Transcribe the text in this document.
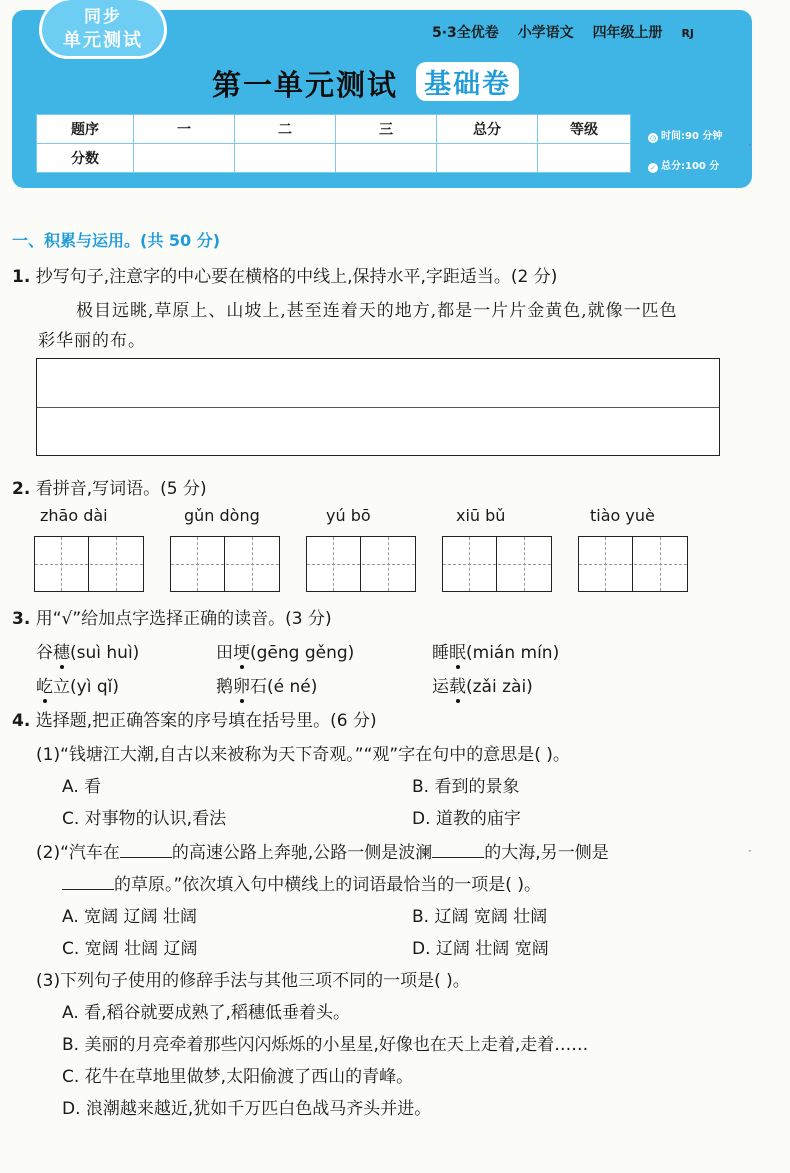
5·3全优卷 小学语文 四年级上册 RJ
第一单元测试 基础卷
题序	一	二	三	总分	等级
分数					
◷ 时间:90 分钟
✓ 总分:100 分
同步
单元测试
一、积累与运用。(共 50 分)
1. 抄写句子,注意字的中心要在横格的中线上,保持水平,字距适当。(2 分)
极目远眺,草原上、山坡上,甚至连着天的地方,都是一片片金黄色,就像一匹色
彩华丽的布。
2. 看拼音,写词语。(5 分)
zhāo dài	gǔn dòng	yú bō	xiū bǔ	tiào yuè
3. 用“√”给加点字选择正确的读音。(3 分)
谷穗(suì huì)	田埂(gēng gěng)	睡眠(mián mín)
屹立(yì qǐ)	鹅卵石(é né)	运载(zǎi zài)
4. 选择题,把正确答案的序号填在括号里。(6 分)
(1)“钱塘江大潮,自古以来被称为天下奇观。”“观”字在句中的意思是( )。
A. 看	B. 看到的景象
C. 对事物的认识,看法	D. 道教的庙宇
(2)“汽车在	的高速公路上奔驰,公路一侧是波澜	的大海,另一侧是
的草原。”依次填入句中横线上的词语最恰当的一项是( )。
A. 宽阔 辽阔 壮阔	B. 辽阔 宽阔 壮阔
C. 宽阔 壮阔 辽阔	D. 辽阔 壮阔 宽阔
(3)下列句子使用的修辞手法与其他三项不同的一项是( )。
A. 看,稻谷就要成熟了,稻穗低垂着头。
B. 美丽的月亮牵着那些闪闪烁烁的小星星,好像也在天上走着,走着……
C. 花牛在草地里做梦,太阳偷渡了西山的青峰。
D. 浪潮越来越近,犹如千万匹白色战马齐头并进。
·
·
